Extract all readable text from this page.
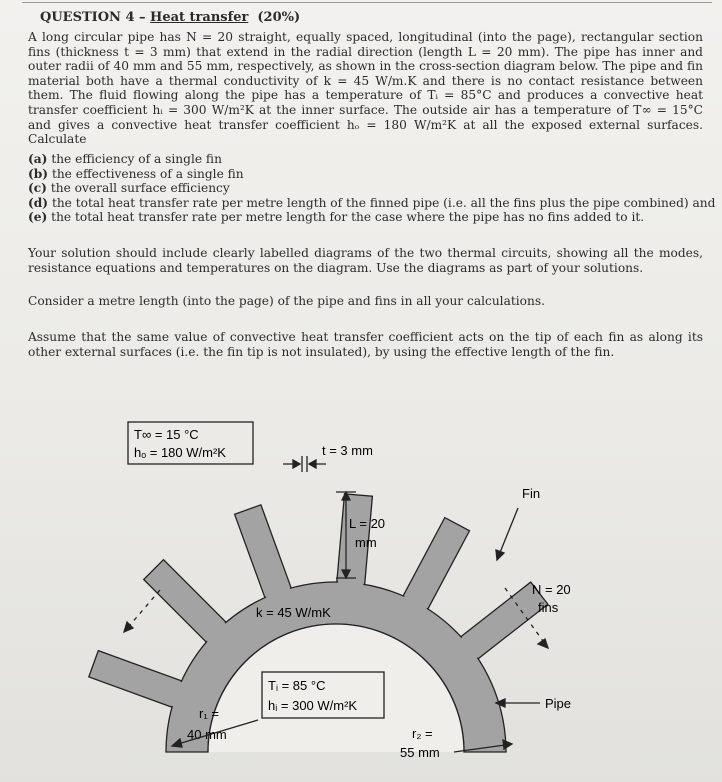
QUESTION 4 – Heat transfer (20%)
A long circular pipe has N = 20 straight, equally spaced, longitudinal (into the page), rectangular section fins (thickness t = 3 mm) that extend in the radial direction (length L = 20 mm). The pipe has inner and outer radii of 40 mm and 55 mm, respectively, as shown in the cross-section diagram below. The pipe and fin material both have a thermal conductivity of k = 45 W/m.K and there is no contact resistance between them. The fluid flowing along the pipe has a temperature of Tᵢ = 85°C and produces a convective heat transfer coefficient hᵢ = 300 W/m²K at the inner surface. The outside air has a temperature of T∞ = 15°C and gives a convective heat transfer coefficient hₒ = 180 W/m²K at all the exposed external surfaces. Calculate
(a) the efficiency of a single fin
(b) the effectiveness of a single fin
(c) the overall surface efficiency
(d) the total heat transfer rate per metre length of the finned pipe (i.e. all the fins plus the pipe combined) and
(e) the total heat transfer rate per metre length for the case where the pipe has no fins added to it.
Your solution should include clearly labelled diagrams of the two thermal circuits, showing all the modes, resistance equations and temperatures on the diagram. Use the diagrams as part of your solutions.
Consider a metre length (into the page) of the pipe and fins in all your calculations.
Assume that the same value of convective heat transfer coefficient acts on the tip of each fin as along its other external surfaces (i.e. the fin tip is not insulated), by using the effective length of the fin.
T∞ = 15 °C
hₒ = 180 W/m²K	t = 3 mm
L = 20
mm
Fin
N = 20
fins
k = 45 W/mK
Tᵢ = 85 °C
hᵢ = 300 W/m²K	Pipe
r₁ =
40 mm	r₂ =
55 mm
